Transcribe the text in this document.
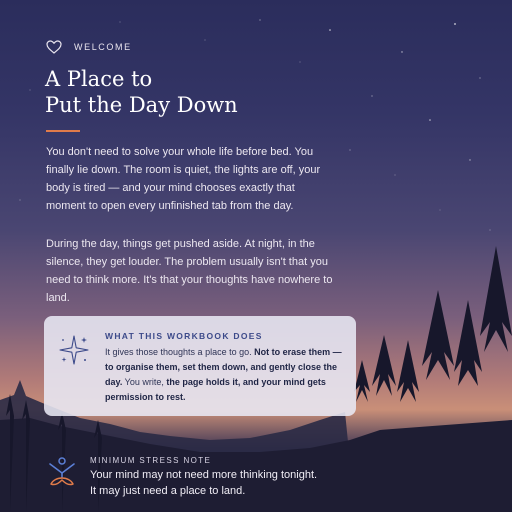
WELCOME
A Place to
Put the Day Down

You don't need to solve your whole life before bed. You finally lie down. The room is quiet, the lights are off, your body is tired — and your mind chooses exactly that moment to open every unfinished tab from the day.

During the day, things get pushed aside. At night, in the silence, they get louder. The problem usually isn't that you need to think more. It's that your thoughts have nowhere to land.

WHAT THIS WORKBOOK DOES

It gives those thoughts a place to go. Not to erase them — to organise them, set them down, and gently close the day. You write, the page holds it, and your mind gets permission to rest.

MINIMUM STRESS NOTE

Your mind may not need more thinking tonight.
It may just need a place to land.
